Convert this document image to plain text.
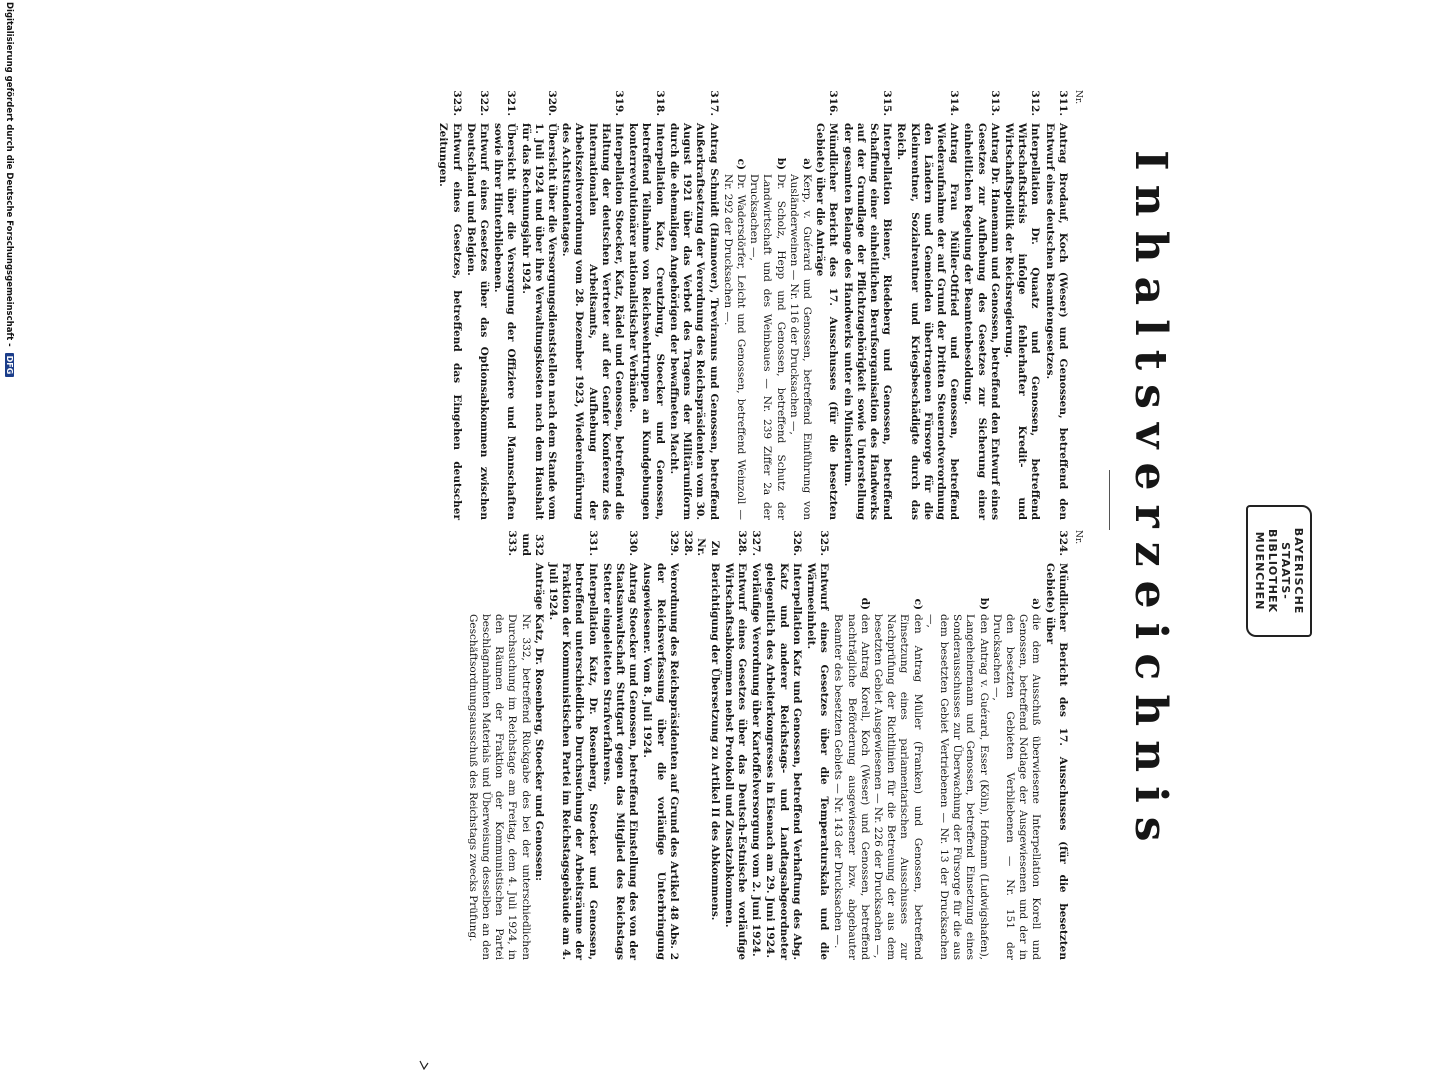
BAYERISCHE
STAATS-
BIBLIOTHEK
MUENCHEN
Inhaltsverzeichnis
Nr.
311.
Antrag Brodauf, Koch (Weser) und Genossen, betreffend den Entwurf eines deutschen Beamtengesetzes.
312.
Interpellation Dr. Quaatz und Genossen, betreffend Wirtschaftskrisis infolge fehlerhafter Kredit- und Wirtschaftspolitik der Reichsregierung.
313.
Antrag Dr. Hanemann und Genossen, betreffend den Entwurf eines Gesetzes zur Aufhebung des Gesetzes zur Sicherung einer einheitlichen Regelung der Beamtenbesoldung.
314.
Antrag Frau Müller-Otfried und Genossen, betreffend Wiederaufnahme der auf Grund der Dritten Steuernotverordnung den Ländern und Gemeinden übertragenen Fürsorge für die Kleinrentner, Sozialrentner und Kriegsbeschädigte durch das Reich.
315.
Interpellation Biener, Riedeberg und Genossen, betreffend Schaffung einer einheitlichen Berufsorganisation des Handwerks auf der Grundlage der Pflichtzugehörigkeit sowie Unterstellung der gesamten Belange des Handwerks unter ein Ministerium.
316.
Mündlicher Bericht des 17. Ausschusses (für die besetzten Gebiete) über die Anträge
a)
Kerp, v. Guérard und Genossen, betreffend Einführung von Ausländerweinen — Nr. 116 der Drucksachen —,
b)
Dr. Scholz, Hepp und Genossen, betreffend Schutz der Landwirtschaft und des Weinbaues — Nr. 239 Ziffer 2a der Drucksachen —,
c)
Dr. Wadersdörfer, Leicht und Genossen, betreffend Weinzoll — Nr. 292 der Drucksachen —.
317.
Antrag Schmidt (Hannover), Treviranus und Genossen, betreffend Außerkraftsetzung der Verordnung des Reichspräsidenten vom 30. August 1921 über das Verbot des Tragens der Militäruniform durch die ehemaligen Angehörigen der bewaffneten Macht.
318.
Interpellation Katz, Creutzburg, Stoecker und Genossen, betreffend Teilnahme von Reichswehrtruppen an Kundgebungen konterrevolutionärer nationalistischer Verbände.
319.
Interpellation Stoecker, Katz, Rädel und Genossen, betreffend die Haltung der deutschen Vertreter auf der Genfer Konferenz des Internationalen Arbeitsamts, Aufhebung der Arbeitszeitverordnung vom 28. Dezember 1923, Wiedereinführung des Achtstundentages.
320.
Übersicht über die Versorgungsdienststellen nach dem Stande vom 1. Juli 1924 und über ihre Verwaltungskosten nach dem Haushalt für das Rechnungsjahr 1924.
321.
Übersicht über die Versorgung der Offiziere und Mannschaften sowie ihrer Hinterbliebenen.
322.
Entwurf eines Gesetzes über das Optionsabkommen zwischen Deutschland und Belgien.
323.
Entwurf eines Gesetzes, betreffend das Eingehen deutscher Zeitungen.
Nr.
324.
Mündlicher Bericht des 17. Ausschusses (für die besetzten Gebiete) über
a)
die dem Ausschuß überwiesene Interpellation Korell und Genossen, betreffend Notlage der Ausgewiesenen und der in den besetzten Gebieten Verbliebenen — Nr. 151 der Drucksachen —,
b)
den Antrag v. Guérard, Esser (Köln), Hofmann (Ludwigshafen), Langeheinemann und Genossen, betreffend Einsetzung eines Sonderausschusses zur Überwachung der Fürsorge für die aus dem besetzten Gebiet Vertriebenen — Nr. 13 der Drucksachen —,
c)
den Antrag Müller (Franken) und Genossen, betreffend Einsetzung eines parlamentarischen Ausschusses zur Nachprüfung der Richtlinien für die Betreuung der aus dem besetzten Gebiet Ausgewiesenen — Nr. 226 der Drucksachen —,
d)
den Antrag Korell, Koch (Weser) und Genossen, betreffend nachträgliche Beförderung ausgewiesener bzw. abgebauter Beamter des besetzten Gebiets — Nr. 143 der Drucksachen —.
325.
Entwurf eines Gesetzes über die Temperaturskala und die Wärmeeinheit.
326.
Interpellation Katz und Genossen, betreffend Verhaftung des Abg. Katz und anderer Reichstags- und Landtagsabgeordneter gelegentlich des Arbeiterkongresses in Eisenach am 29. Juni 1924.
327.
Vorläufige Verordnung über Kartoffelversorgung vom 2. Juni 1924.
328.
Entwurf eines Gesetzes über das Deutsch-Estnische vorläufige Wirtschaftsabkommen nebst Protokoll und Zusatzabkommen.
Zu Nr. 328.
Berichtigung der Übersetzung zu Artikel II des Abkommens.
329.
Verordnung des Reichspräsidenten auf Grund des Artikel 48 Abs. 2 der Reichsverfassung über die vorläufige Unterbringung Ausgewiesener. Vom 8. Juli 1924.
330.
Antrag Stoecker und Genossen, betreffend Einstellung des von der Staatsanwaltschaft Stuttgart gegen das Mitglied des Reichstags Stetter eingeleiteten Strafverfahrens.
331.
Interpellation Katz, Dr. Rosenberg, Stoecker und Genossen, betreffend unterschiedliche Durchsuchung der Arbeitsräume der Fraktion der Kommunistischen Partei im Reichstagsgebäude am 4. Juli 1924.
332 und 333.
Anträge Katz, Dr. Rosenberg, Stoecker und Genossen:
Nr. 332, betreffend Rückgabe des bei der unterschiedlichen Durchsuchung im Reichstage am Freitag, dem 4. Juli 1924, in den Räumen der Fraktion der Kommunistischen Partei beschlagnahmten Materials und Überweisung desselben an den Geschäftsordnungsausschuß des Reichstags zwecks Prüfung.
Digitalisierung gefördert durch die Deutsche Forschungsgemeinschaft - DFG
